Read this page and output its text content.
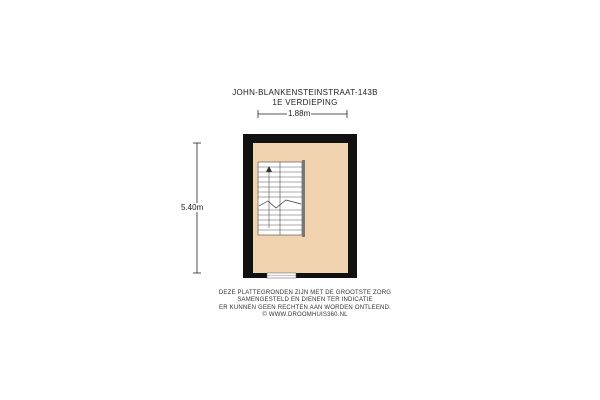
JOHN-BLANKENSTEINSTRAAT-143B
1E VERDIEPING
1.88m
5.40m
DEZE PLATTEGRONDEN ZIJN MET DE GROOTSTE ZORG
SAMENGESTELD EN DIENEN TER INDICATIE
ER KUNNEN GEEN RECHTEN AAN WORDEN ONTLEEND.
© WWW.DROOMHUIS360.NL
